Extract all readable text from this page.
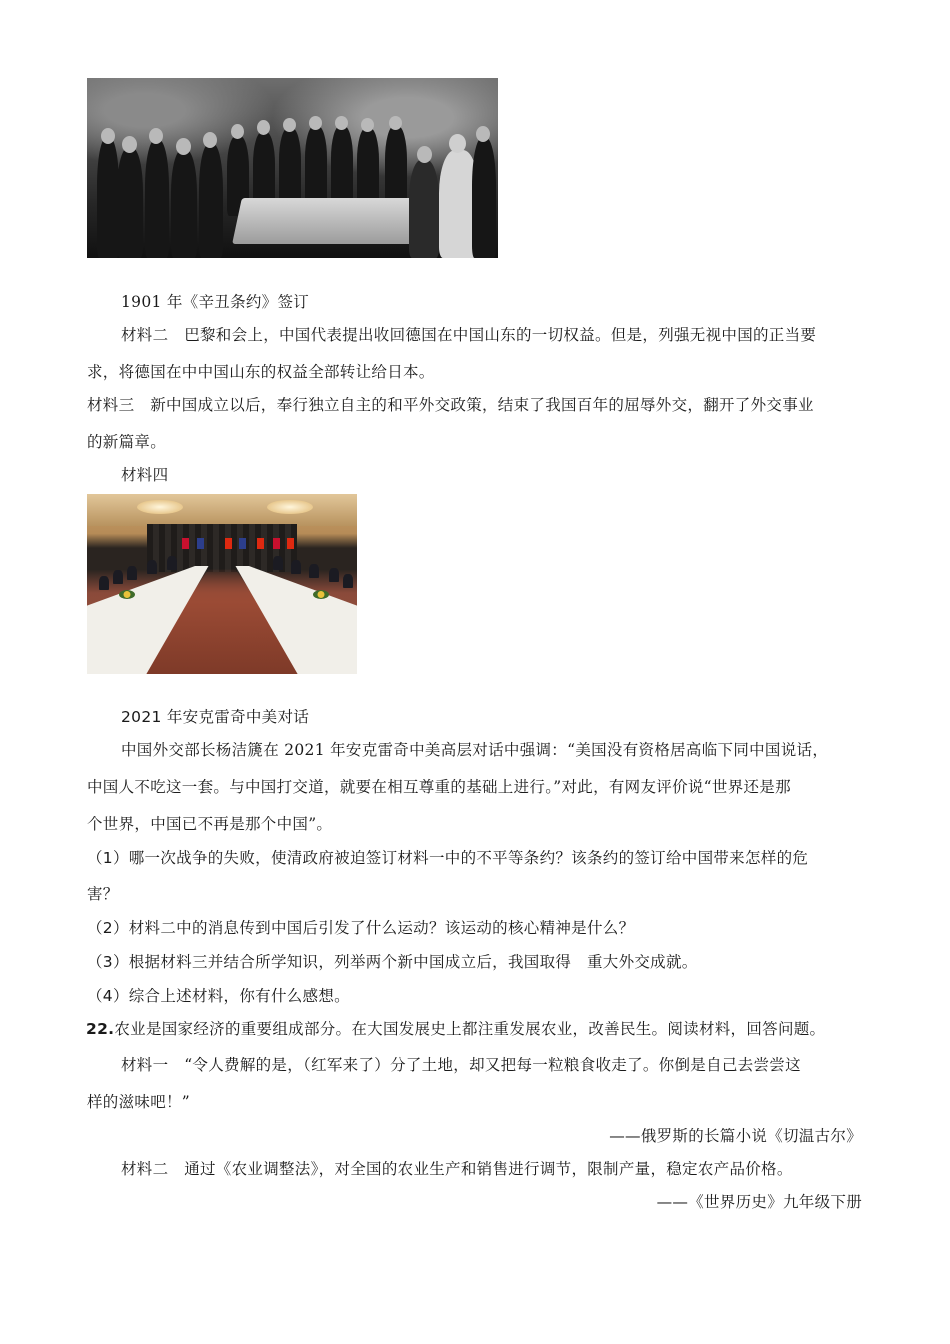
1901 年《辛丑条约》签订
材料二　巴黎和会上，中国代表提出收回德国在中国山东的一切权益。但是，列强无视中国的正当要
求，将德国在中中国山东的权益全部转让给日本。
材料三　新中国成立以后，奉行独立自主的和平外交政策，结束了我国百年的屈辱外交，翻开了外交事业
的新篇章。
材料四
2021 年安克雷奇中美对话
中国外交部长杨洁篪在 2021 年安克雷奇中美高层对话中强调：“美国没有资格居高临下同中国说话，
中国人不吃这一套。与中国打交道，就要在相互尊重的基础上进行。”对此，有网友评价说“世界还是那
个世界，中国已不再是那个中国”。
（1）哪一次战争的失败，使清政府被迫签订材料一中的不平等条约？该条约的签订给中国带来怎样的危
害？
（2）材料二中的消息传到中国后引发了什么运动？该运动的核心精神是什么？
（3）根据材料三并结合所学知识，列举两个新中国成立后，我国取得　重大外交成就。
（4）综合上述材料，你有什么感想。
22.农业是国家经济的重要组成部分。在大国发展史上都注重发展农业，改善民生。阅读材料，回答问题。
材料一　“令人费解的是，（红军来了）分了土地，却又把每一粒粮食收走了。你倒是自己去尝尝这
样的滋味吧！”
——俄罗斯的长篇小说《切温古尔》
材料二　通过《农业调整法》，对全国的农业生产和销售进行调节，限制产量，稳定农产品价格。
——《世界历史》九年级下册
